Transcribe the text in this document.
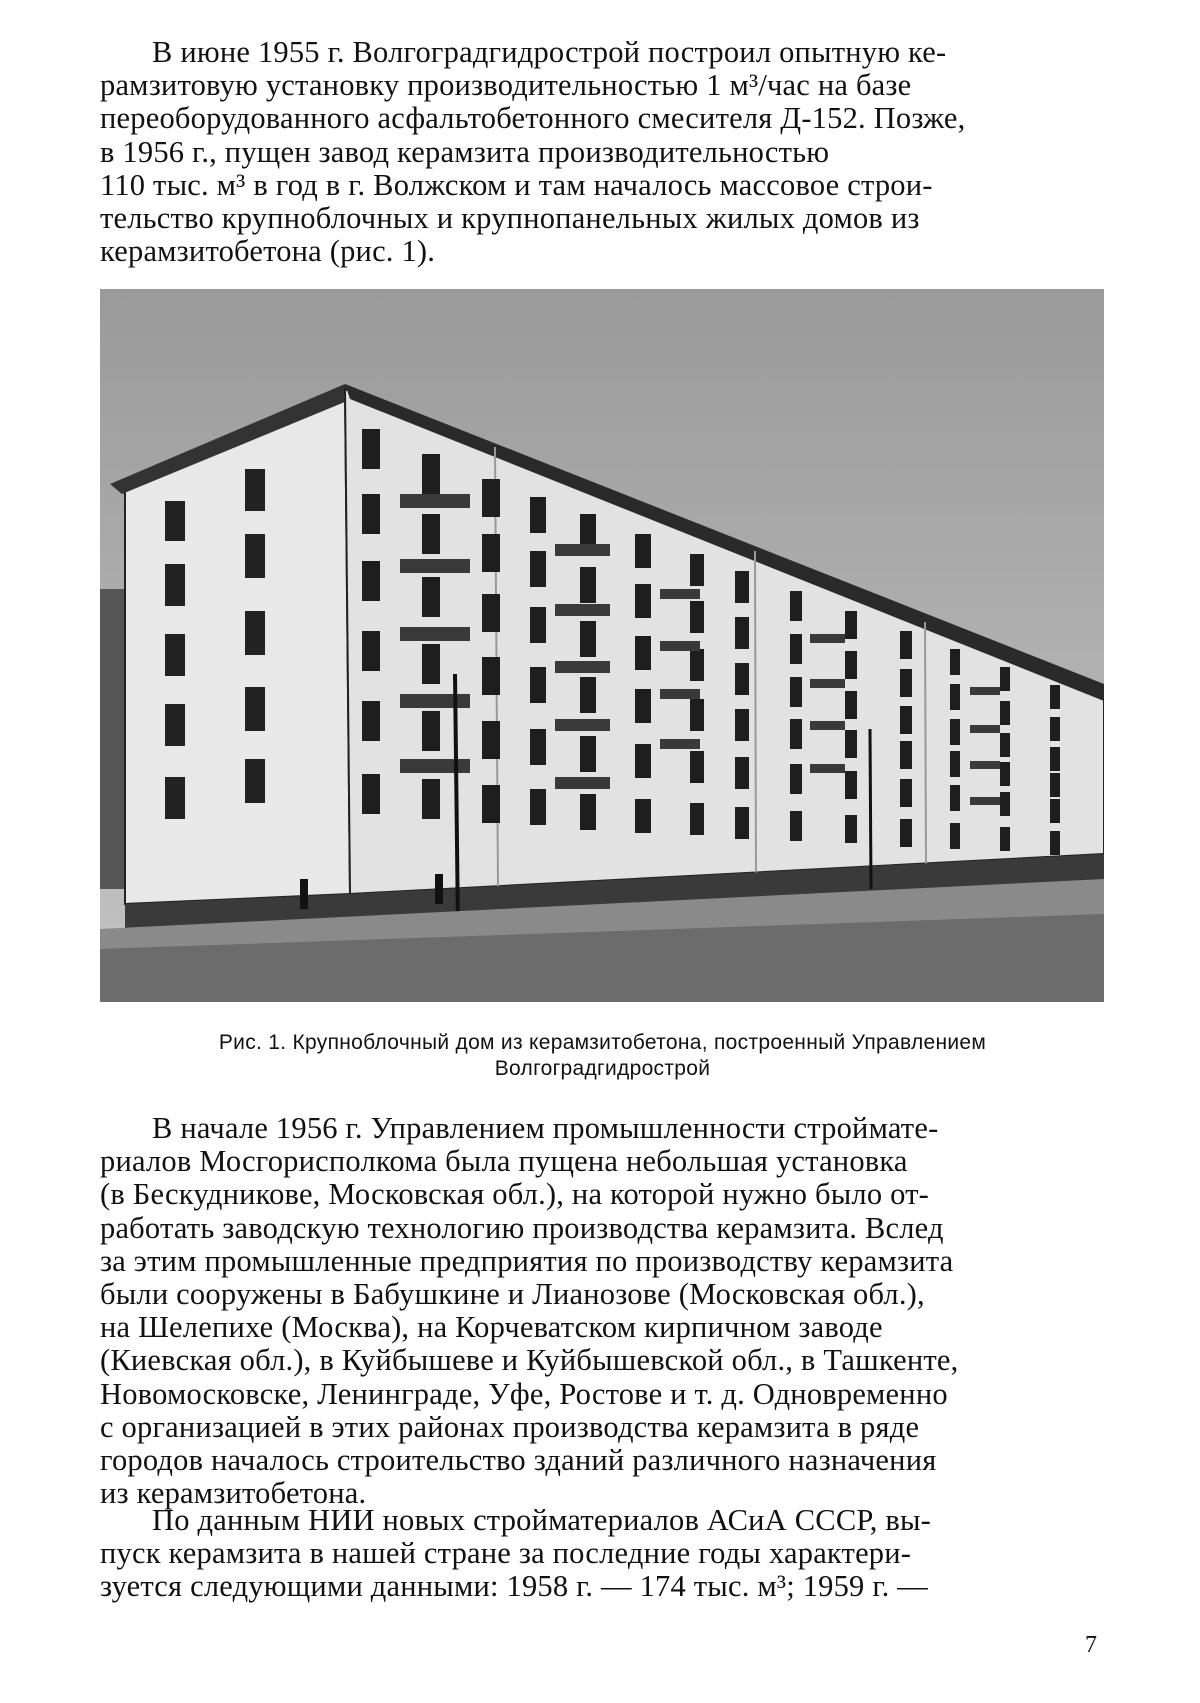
В июне 1955 г. Волгоградгидрострой построил опытную ке-
рамзитовую установку производительностью 1 м³/час на базе
переоборудованного асфальтобетонного смесителя Д-152. Позже,
в 1956 г., пущен завод керамзита производительностью
110 тыс. м³ в год в г. Волжском и там началось массовое строи-
тельство крупноблочных и крупнопанельных жилых домов из
керамзитобетона (рис. 1).
Рис. 1. Крупноблочный дом из керамзитобетона, построенный Управлением
Волгоградгидрострой
В начале 1956 г. Управлением промышленности стройматe-
риалов Мосгорисполкома была пущена небольшая установка
(в Бескудникове, Московская обл.), на которой нужно было от-
работать заводскую технологию производства керамзита. Вслед
за этим промышленные предприятия по производству керамзита
были сооружены в Бабушкине и Лианозове (Московская обл.),
на Шелепихе (Москва), на Корчеватском кирпичном заводе
(Киевская обл.), в Куйбышеве и Куйбышевской обл., в Ташкенте,
Новомосковске, Ленинграде, Уфе, Ростове и т. д. Одновременно
с организацией в этих районах производства керамзита в ряде
городов началось строительство зданий различного назначения
из керамзитобетона.
По данным НИИ новых стройматериалов АСиА СССР, вы-
пуск керамзита в нашей стране за последние годы характери-
зуется следующими данными: 1958 г. — 174 тыс. м³; 1959 г. —
7
